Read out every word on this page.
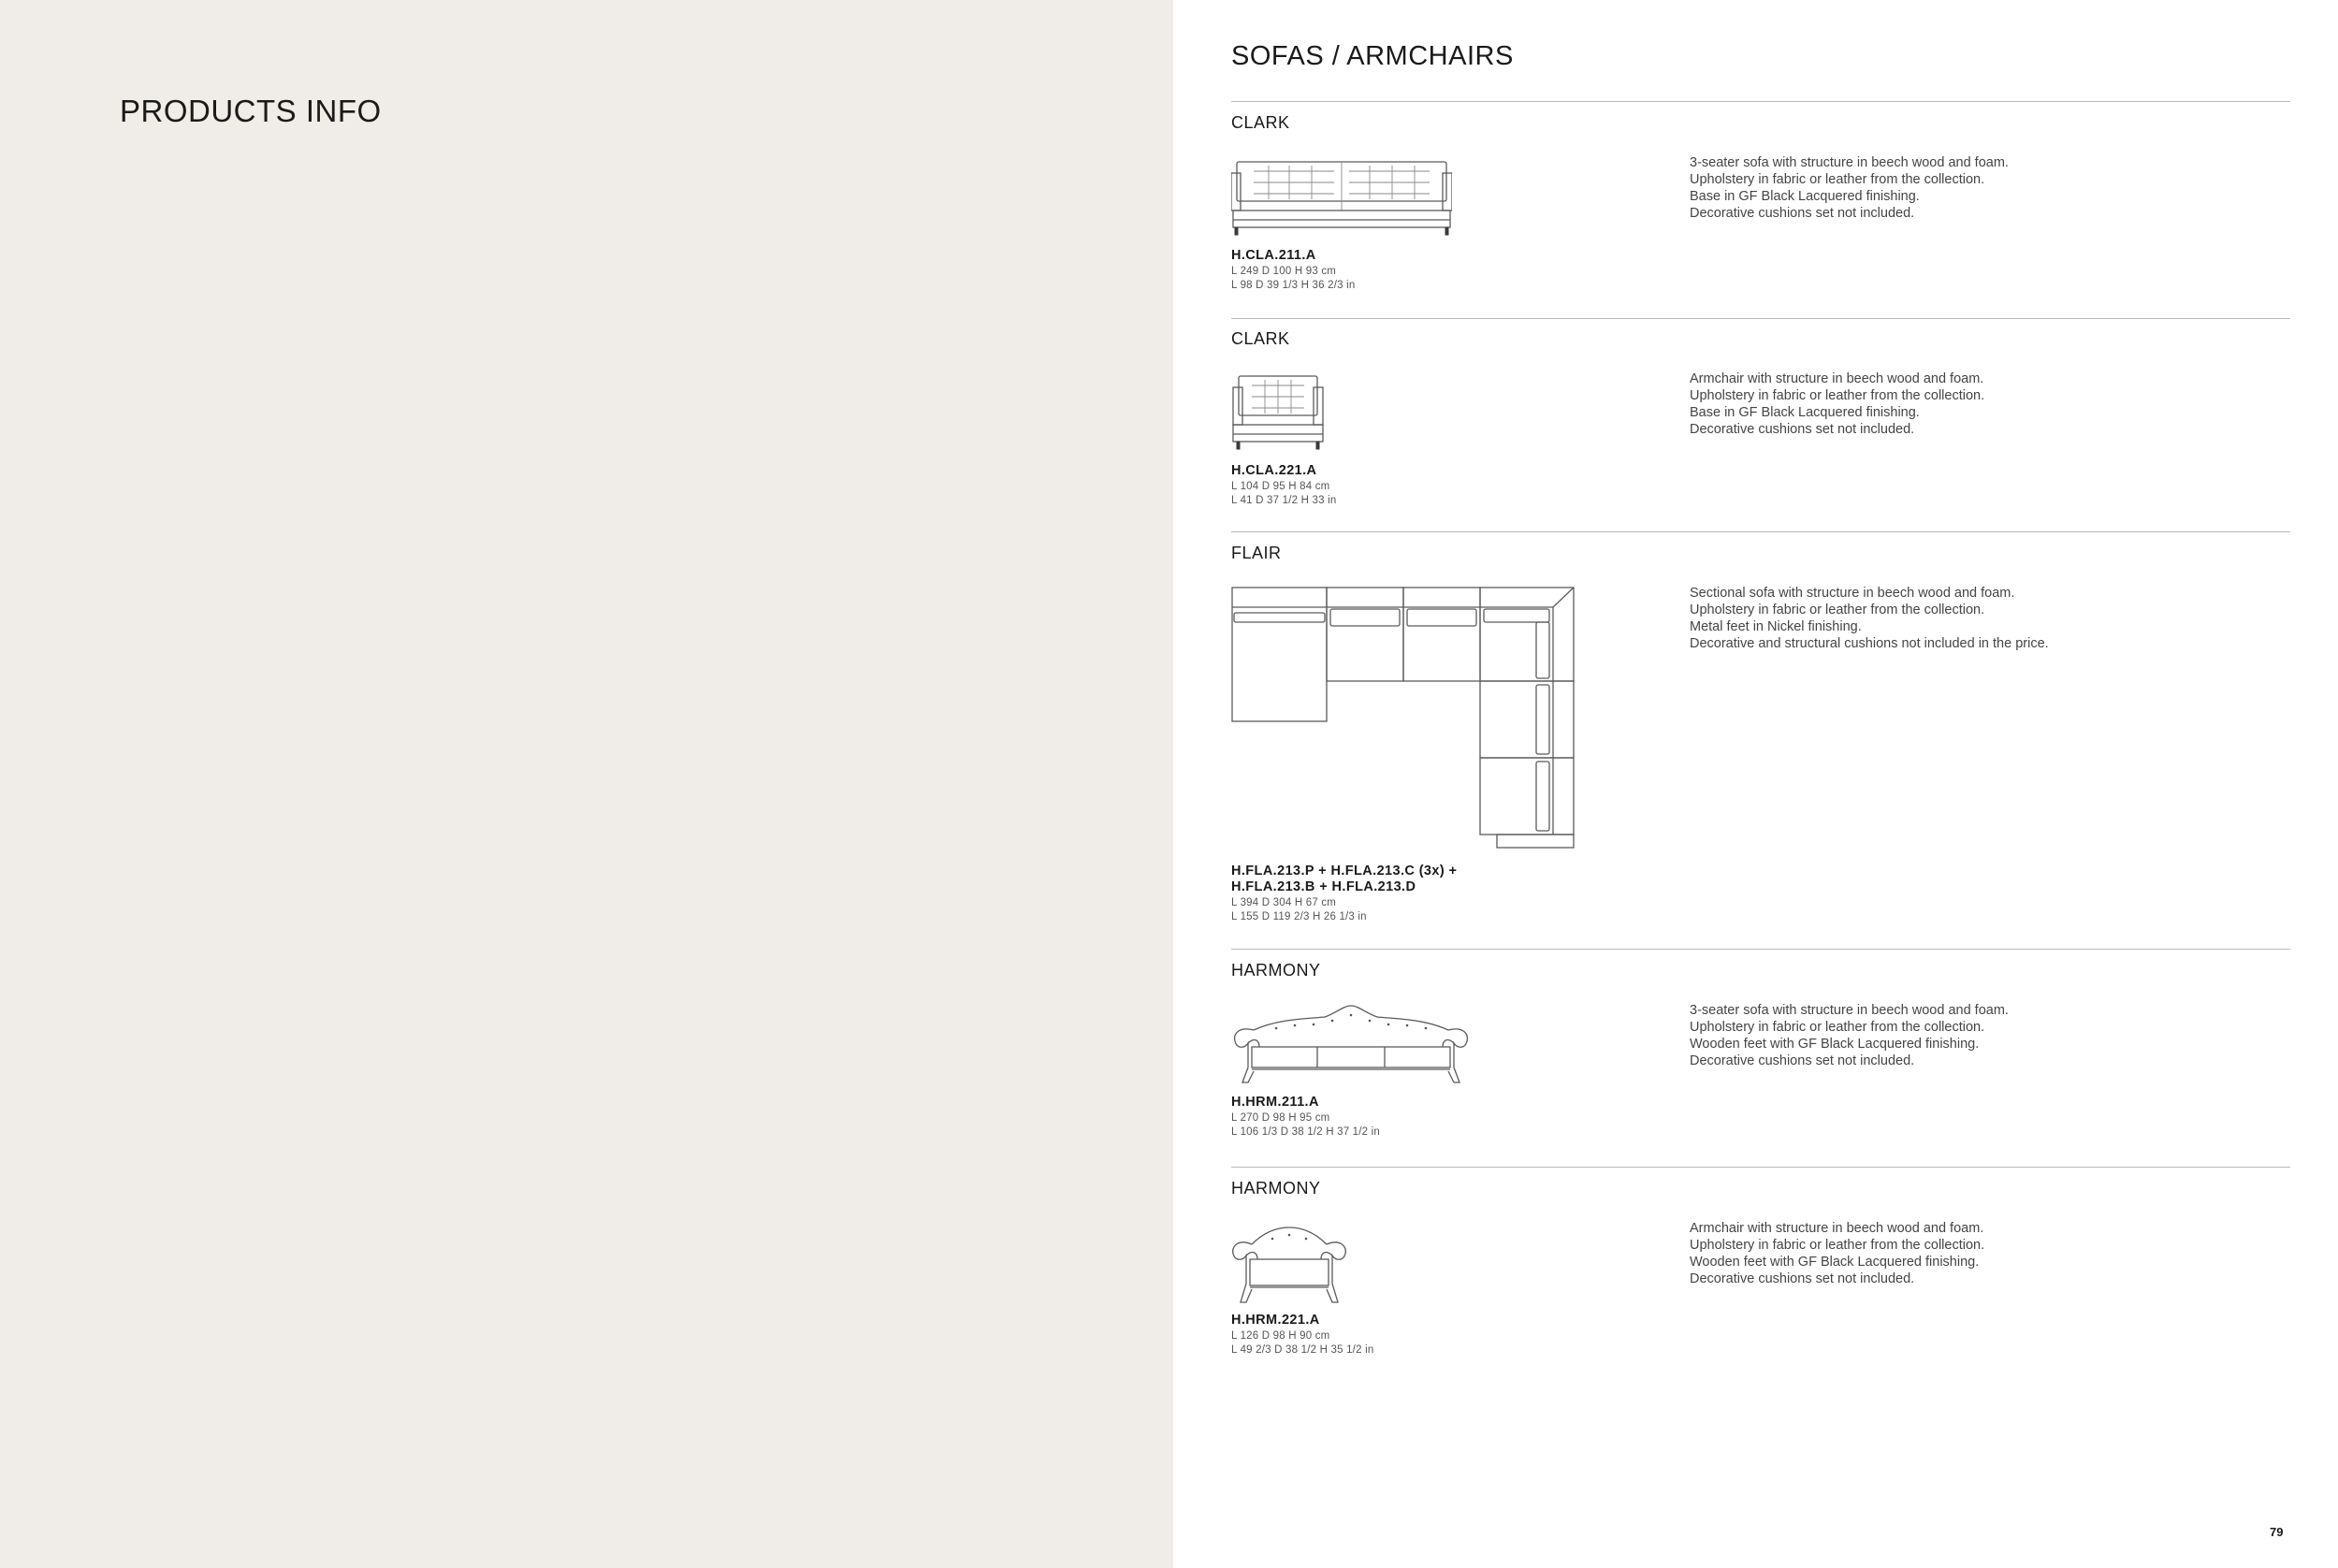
PRODUCTS INFO
SOFAS / ARMCHAIRS
CLARK
H.CLA.211.A
L 249 D 100 H 93 cm
L 98 D 39 1/3 H 36 2/3 in
3-seater sofa with structure in beech wood and foam.
Upholstery in fabric or leather from the collection.
Base in GF Black Lacquered finishing.
Decorative cushions set not included.
CLARK
H.CLA.221.A
L 104 D 95 H 84 cm
L 41 D 37 1/2 H 33 in
Armchair with structure in beech wood and foam.
Upholstery in fabric or leather from the collection.
Base in GF Black Lacquered finishing.
Decorative cushions set not included.
FLAIR
H.FLA.213.P + H.FLA.213.C (3x) +
H.FLA.213.B + H.FLA.213.D
L 394 D 304 H 67 cm
L 155 D 119 2/3 H 26 1/3 in
Sectional sofa with structure in beech wood and foam.
Upholstery in fabric or leather from the collection.
Metal feet in Nickel finishing.
Decorative and structural cushions not included in the price.
HARMONY
H.HRM.211.A
L 270 D 98 H 95 cm
L 106 1/3 D 38 1/2 H 37 1/2 in
3-seater sofa with structure in beech wood and foam.
Upholstery in fabric or leather from the collection.
Wooden feet with GF Black Lacquered finishing.
Decorative cushions set not included.
HARMONY
H.HRM.221.A
L 126 D 98 H 90 cm
L 49 2/3 D 38 1/2 H 35 1/2 in
Armchair with structure in beech wood and foam.
Upholstery in fabric or leather from the collection.
Wooden feet with GF Black Lacquered finishing.
Decorative cushions set not included.
79
